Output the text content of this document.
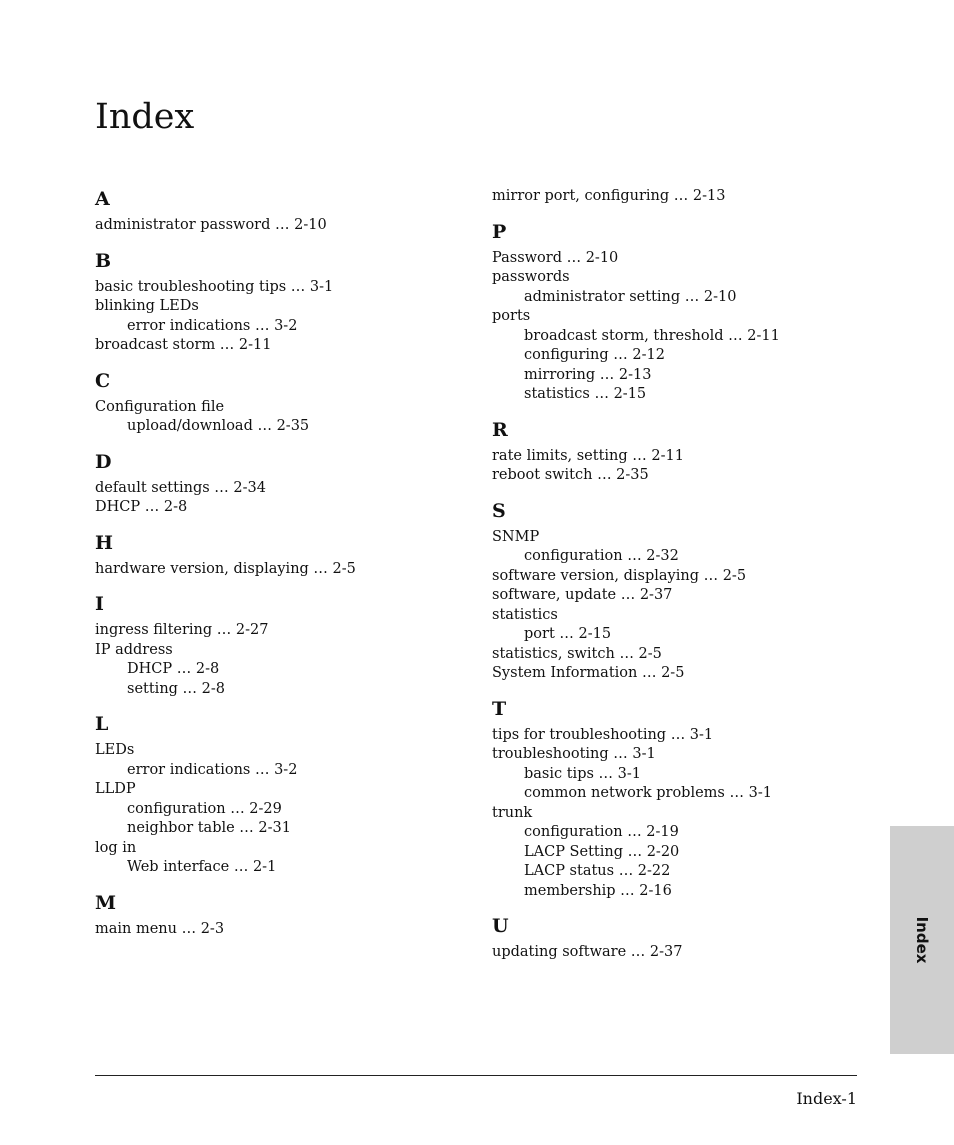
Index
A
administrator password … 2-10
B
basic troubleshooting tips … 3-1
blinking LEDs
error indications … 3-2
broadcast storm … 2-11
C
Configuration file
upload/download … 2-35
D
default settings … 2-34
DHCP … 2-8
H
hardware version, displaying … 2-5
I
ingress filtering … 2-27
IP address
DHCP … 2-8
setting … 2-8
L
LEDs
error indications … 3-2
LLDP
configuration … 2-29
neighbor table … 2-31
log in
Web interface … 2-1
M
main menu … 2-3
mirror port, configuring … 2-13
P
Password … 2-10
passwords
administrator setting … 2-10
ports
broadcast storm, threshold … 2-11
configuring … 2-12
mirroring … 2-13
statistics … 2-15
R
rate limits, setting … 2-11
reboot switch … 2-35
S
SNMP
configuration … 2-32
software version, displaying … 2-5
software, update … 2-37
statistics
port … 2-15
statistics, switch … 2-5
System Information … 2-5
T
tips for troubleshooting … 3-1
troubleshooting … 3-1
basic tips … 3-1
common network problems … 3-1
trunk
configuration … 2-19
LACP Setting … 2-20
LACP status … 2-22
membership … 2-16
U
updating software … 2-37
Index-1
Index
